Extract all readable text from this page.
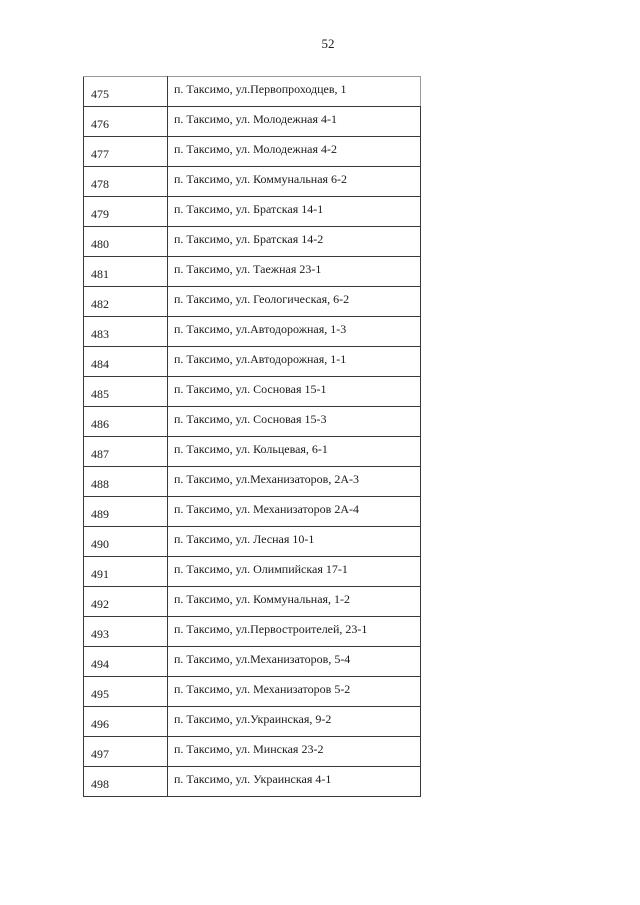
52
475	п. Таксимо, ул.Первопроходцев, 1
476	п. Таксимо, ул. Молодежная 4-1
477	п. Таксимо, ул. Молодежная 4-2
478	п. Таксимо, ул. Коммунальная 6-2
479	п. Таксимо, ул. Братская 14-1
480	п. Таксимо, ул. Братская 14-2
481	п. Таксимо, ул. Таежная 23-1
482	п. Таксимо, ул. Геологическая, 6-2
483	п. Таксимо, ул.Автодорожная, 1-3
484	п. Таксимо, ул.Автодорожная, 1-1
485	п. Таксимо, ул. Сосновая 15-1
486	п. Таксимо, ул. Сосновая 15-3
487	п. Таксимо, ул. Кольцевая, 6-1
488	п. Таксимо, ул.Механизаторов, 2А-3
489	п. Таксимо, ул. Механизаторов 2А-4
490	п. Таксимо, ул. Лесная 10-1
491	п. Таксимо, ул. Олимпийская 17-1
492	п. Таксимо, ул. Коммунальная, 1-2
493	п. Таксимо, ул.Первостроителей, 23-1
494	п. Таксимо, ул.Механизаторов, 5-4
495	п. Таксимо, ул. Механизаторов 5-2
496	п. Таксимо, ул.Украинская, 9-2
497	п. Таксимо, ул. Минская 23-2
498	п. Таксимо, ул. Украинская 4-1
